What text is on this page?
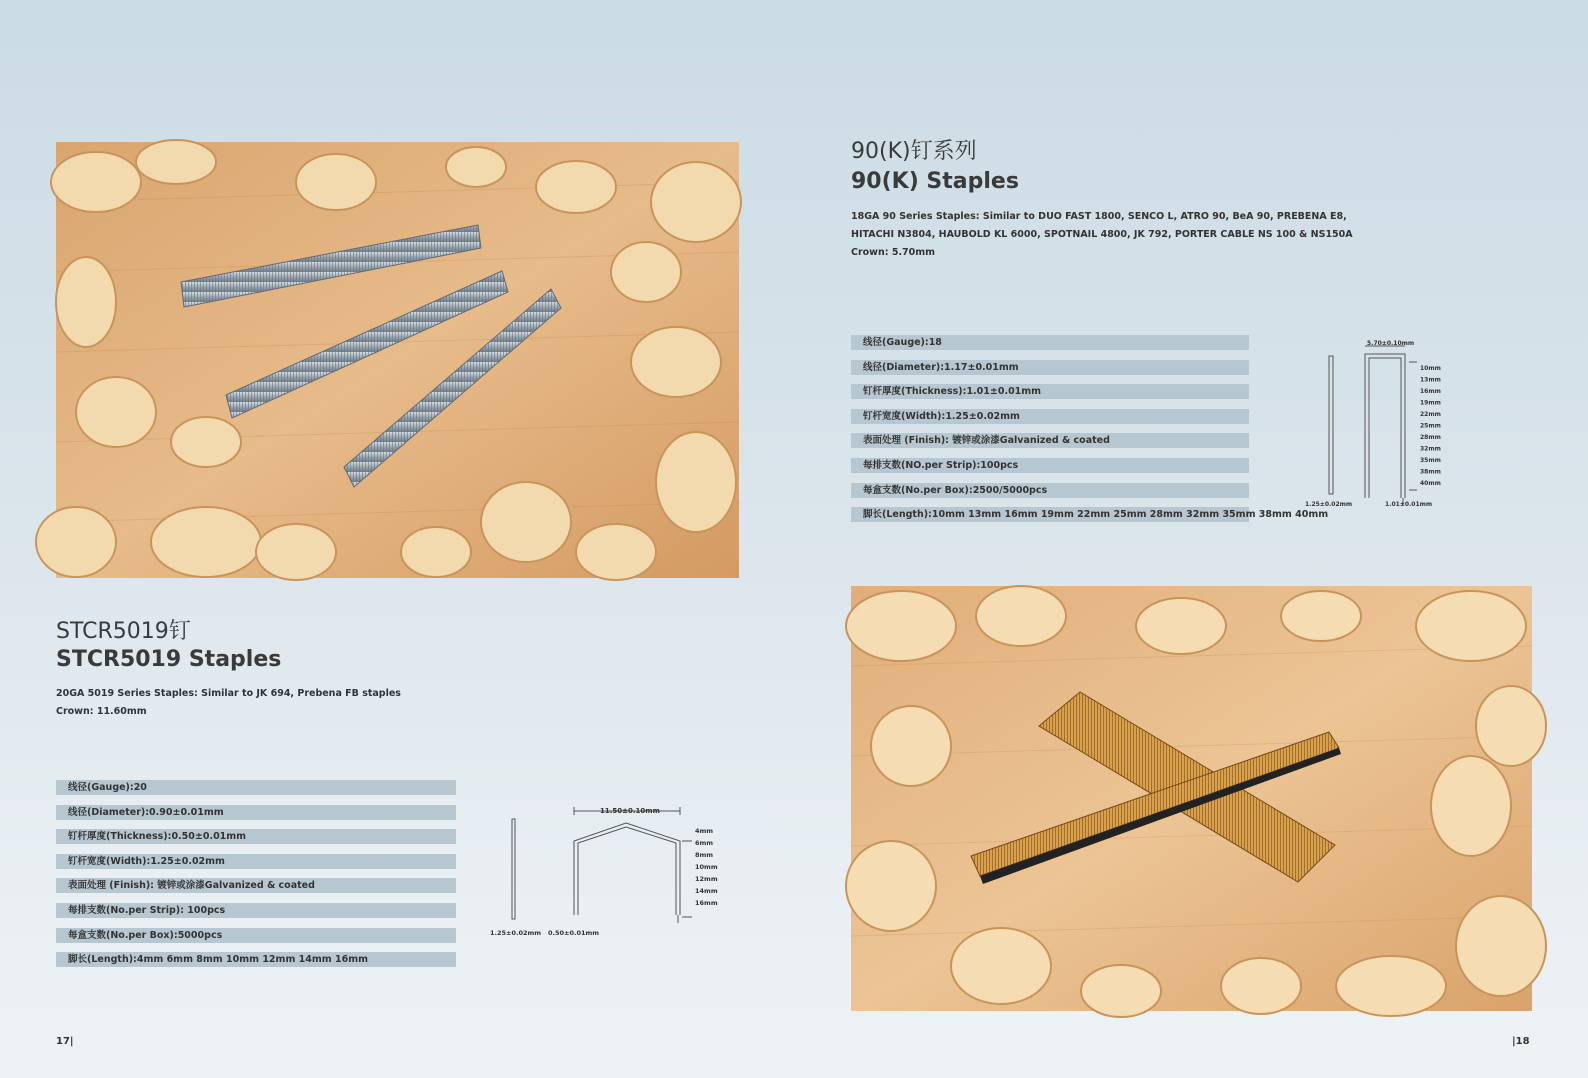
STCR5019钉
STCR5019 Staples
20GA 5019 Series Staples: Similar to JK 694, Prebena FB staples
Crown: 11.60mm
线径(Gauge):20
线径(Diameter):0.90±0.01mm
钉杆厚度(Thickness):0.50±0.01mm
钉杆宽度(Width):1.25±0.02mm
表面处理 (Finish): 镀锌或涂漆Galvanized & coated
每排支数(No.per Strip): 100pcs
每盒支数(No.per Box):5000pcs
脚长(Length):4mm 6mm 8mm 10mm 12mm 14mm 16mm
11.50±0.10mm
1.25±0.02mm 0.50±0.01mm
4mm
6mm
8mm
10mm
12mm
14mm
16mm
17|
90(K)钉系列
90(K) Staples
18GA 90 Series Staples: Similar to DUO FAST 1800, SENCO L, ATRO 90, BeA 90, PREBENA E8,
HITACHI N3804, HAUBOLD KL 6000, SPOTNAIL 4800, JK 792, PORTER CABLE NS 100 & NS150A
Crown: 5.70mm
线径(Gauge):18
线径(Diameter):1.17±0.01mm
钉杆厚度(Thickness):1.01±0.01mm
钉杆宽度(Width):1.25±0.02mm
表面处理 (Finish): 镀锌或涂漆Galvanized & coated
每排支数(NO.per Strip):100pcs
每盒支数(No.per Box):2500/5000pcs
脚长(Length):10mm 13mm 16mm 19mm 22mm 25mm 28mm 32mm 35mm 38mm 40mm
5.70±0.10mm
1.25±0.02mm	1.01±0.01mm
10mm
13mm
16mm
19mm
22mm
25mm
28mm
32mm
35mm
38mm
40mm
|18
